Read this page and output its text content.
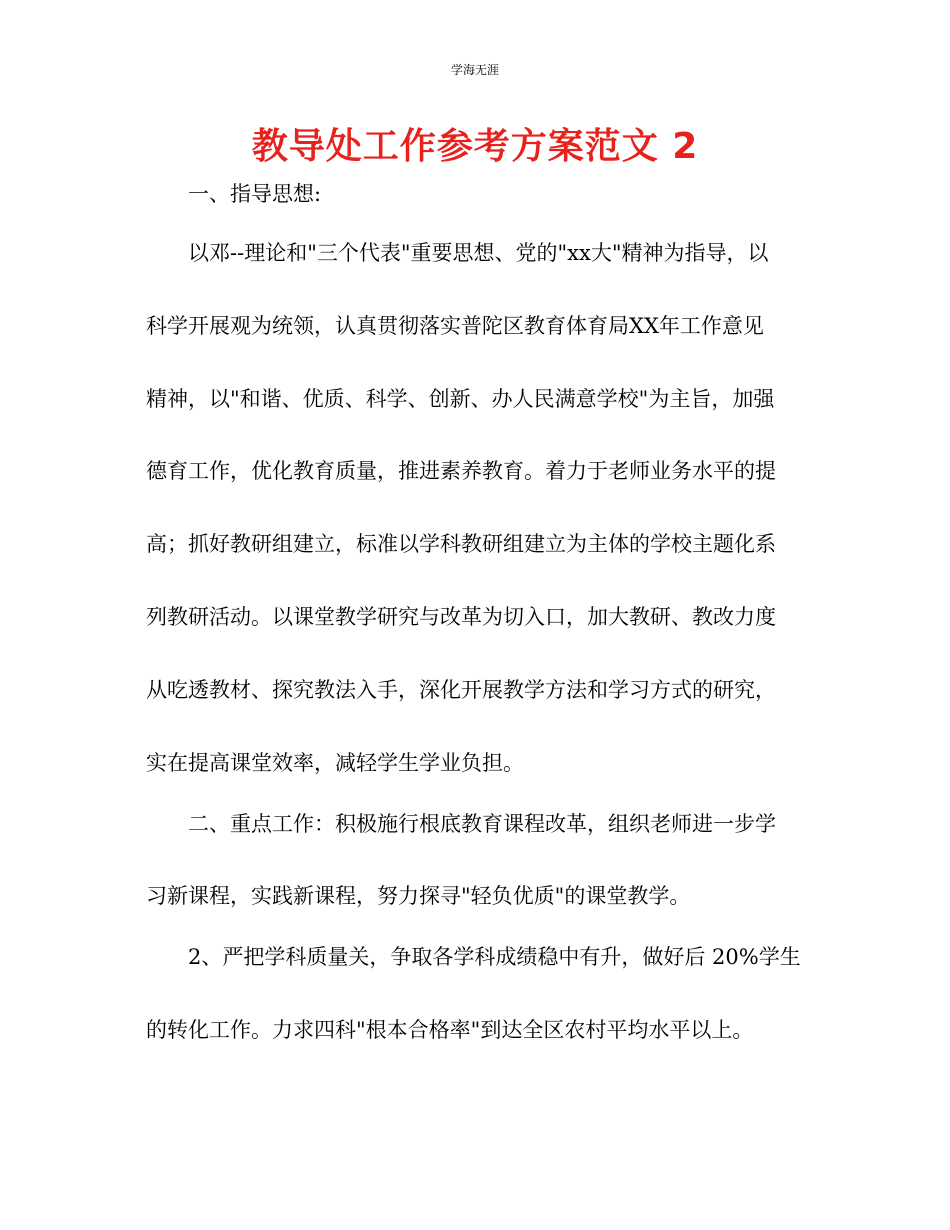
学海无涯
教导处工作参考方案范文 2
一、指导思想:
以邓--理论和"三个代表"重要思想、党的"xx大"精神为指导，以
科学开展观为统领，认真贯彻落实普陀区教育体育局XX年工作意见
精神，以"和谐、优质、科学、创新、办人民满意学校"为主旨，加强
德育工作，优化教育质量，推进素养教育。着力于老师业务水平的提
高；抓好教研组建立，标准以学科教研组建立为主体的学校主题化系
列教研活动。以课堂教学研究与改革为切入口，加大教研、教改力度
从吃透教材、探究教法入手，深化开展教学方法和学习方式的研究，
实在提高课堂效率，减轻学生学业负担。
二、重点工作：积极施行根底教育课程改革，组织老师进一步学
习新课程，实践新课程，努力探寻"轻负优质"的课堂教学。
2、严把学科质量关，争取各学科成绩稳中有升，做好后 20%学生
的转化工作。力求四科"根本合格率"到达全区农村平均水平以上。
